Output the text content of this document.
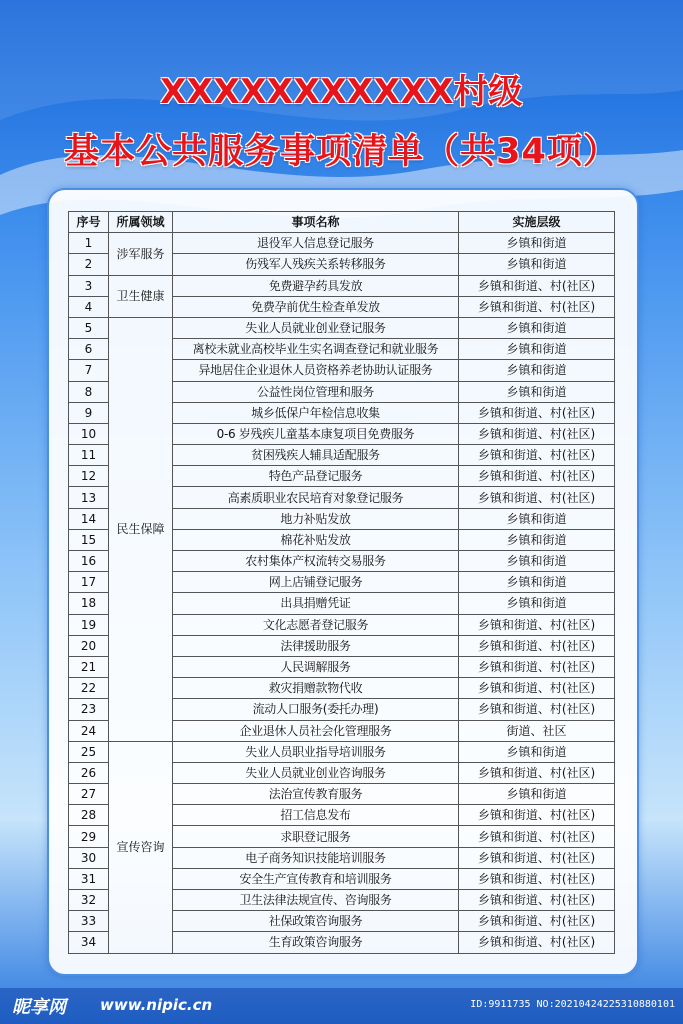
XXXXXXXXXXX村级
基本公共服务事项清单（共34项）
序号	所属领域	事项名称	实施层级
1	涉军服务	退役军人信息登记服务	乡镇和街道
2		伤残军人残疾关系转移服务	乡镇和街道
3	卫生健康	免费避孕药具发放	乡镇和街道、村(社区)
4		免费孕前优生检查单发放	乡镇和街道、村(社区)
5	民生保障	失业人员就业创业登记服务	乡镇和街道
6		离校未就业高校毕业生实名调查登记和就业服务	乡镇和街道
7		异地居住企业退休人员资格养老协助认证服务	乡镇和街道
8		公益性岗位管理和服务	乡镇和街道
9		城乡低保户年检信息收集	乡镇和街道、村(社区)
10		0-6 岁残疾儿童基本康复项目免费服务	乡镇和街道、村(社区)
11		贫困残疾人辅具适配服务	乡镇和街道、村(社区)
12		特色产品登记服务	乡镇和街道、村(社区)
13		高素质职业农民培育对象登记服务	乡镇和街道、村(社区)
14		地力补贴发放	乡镇和街道
15		棉花补贴发放	乡镇和街道
16		农村集体产权流转交易服务	乡镇和街道
17		网上店铺登记服务	乡镇和街道
18		出具捐赠凭证	乡镇和街道
19		文化志愿者登记服务	乡镇和街道、村(社区)
20		法律援助服务	乡镇和街道、村(社区)
21		人民调解服务	乡镇和街道、村(社区)
22		救灾捐赠款物代收	乡镇和街道、村(社区)
23		流动人口服务(委托办理)	乡镇和街道、村(社区)
24		企业退休人员社会化管理服务	街道、社区
25	宣传咨询	失业人员职业指导培训服务	乡镇和街道
26		失业人员就业创业咨询服务	乡镇和街道、村(社区)
27		法治宣传教育服务	乡镇和街道
28		招工信息发布	乡镇和街道、村(社区)
29		求职登记服务	乡镇和街道、村(社区)
30		电子商务知识技能培训服务	乡镇和街道、村(社区)
31		安全生产宣传教育和培训服务	乡镇和街道、村(社区)
32		卫生法律法规宣传、咨询服务	乡镇和街道、村(社区)
33		社保政策咨询服务	乡镇和街道、村(社区)
34		生育政策咨询服务	乡镇和街道、村(社区)
昵享网 www.nipic.cn	ID:9911735 NO:20210424225310880101
